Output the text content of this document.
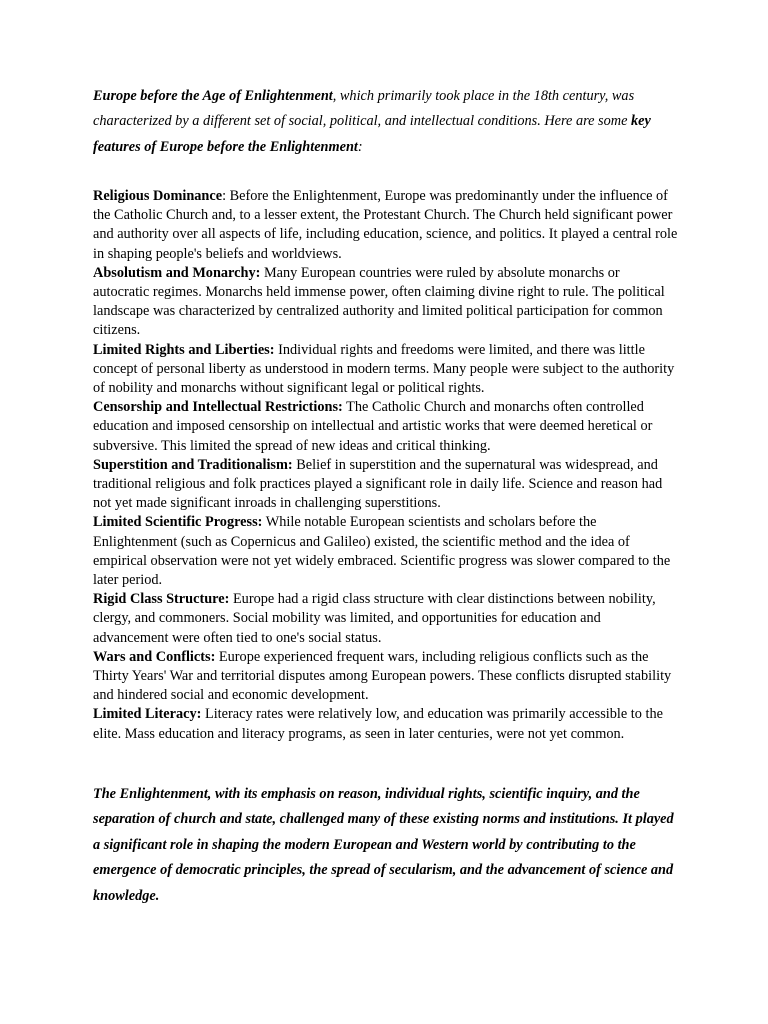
Europe before the Age of Enlightenment, which primarily took place in the 18th century, was characterized by a different set of social, political, and intellectual conditions. Here are some key features of Europe before the Enlightenment:

Religious Dominance: Before the Enlightenment, Europe was predominantly under the influence of the Catholic Church and, to a lesser extent, the Protestant Church. The Church held significant power and authority over all aspects of life, including education, science, and politics. It played a central role in shaping people's beliefs and worldviews.

Absolutism and Monarchy: Many European countries were ruled by absolute monarchs or autocratic regimes. Monarchs held immense power, often claiming divine right to rule. The political landscape was characterized by centralized authority and limited political participation for common citizens.

Limited Rights and Liberties: Individual rights and freedoms were limited, and there was little concept of personal liberty as understood in modern terms. Many people were subject to the authority of nobility and monarchs without significant legal or political rights.

Censorship and Intellectual Restrictions: The Catholic Church and monarchs often controlled education and imposed censorship on intellectual and artistic works that were deemed heretical or subversive. This limited the spread of new ideas and critical thinking.

Superstition and Traditionalism: Belief in superstition and the supernatural was widespread, and traditional religious and folk practices played a significant role in daily life. Science and reason had not yet made significant inroads in challenging superstitions.

Limited Scientific Progress: While notable European scientists and scholars before the Enlightenment (such as Copernicus and Galileo) existed, the scientific method and the idea of empirical observation were not yet widely embraced. Scientific progress was slower compared to the later period.

Rigid Class Structure: Europe had a rigid class structure with clear distinctions between nobility, clergy, and commoners. Social mobility was limited, and opportunities for education and advancement were often tied to one's social status.

Wars and Conflicts: Europe experienced frequent wars, including religious conflicts such as the Thirty Years' War and territorial disputes among European powers. These conflicts disrupted stability and hindered social and economic development.

Limited Literacy: Literacy rates were relatively low, and education was primarily accessible to the elite. Mass education and literacy programs, as seen in later centuries, were not yet common.

The Enlightenment, with its emphasis on reason, individual rights, scientific inquiry, and the separation of church and state, challenged many of these existing norms and institutions. It played a significant role in shaping the modern European and Western world by contributing to the emergence of democratic principles, the spread of secularism, and the advancement of science and knowledge.
